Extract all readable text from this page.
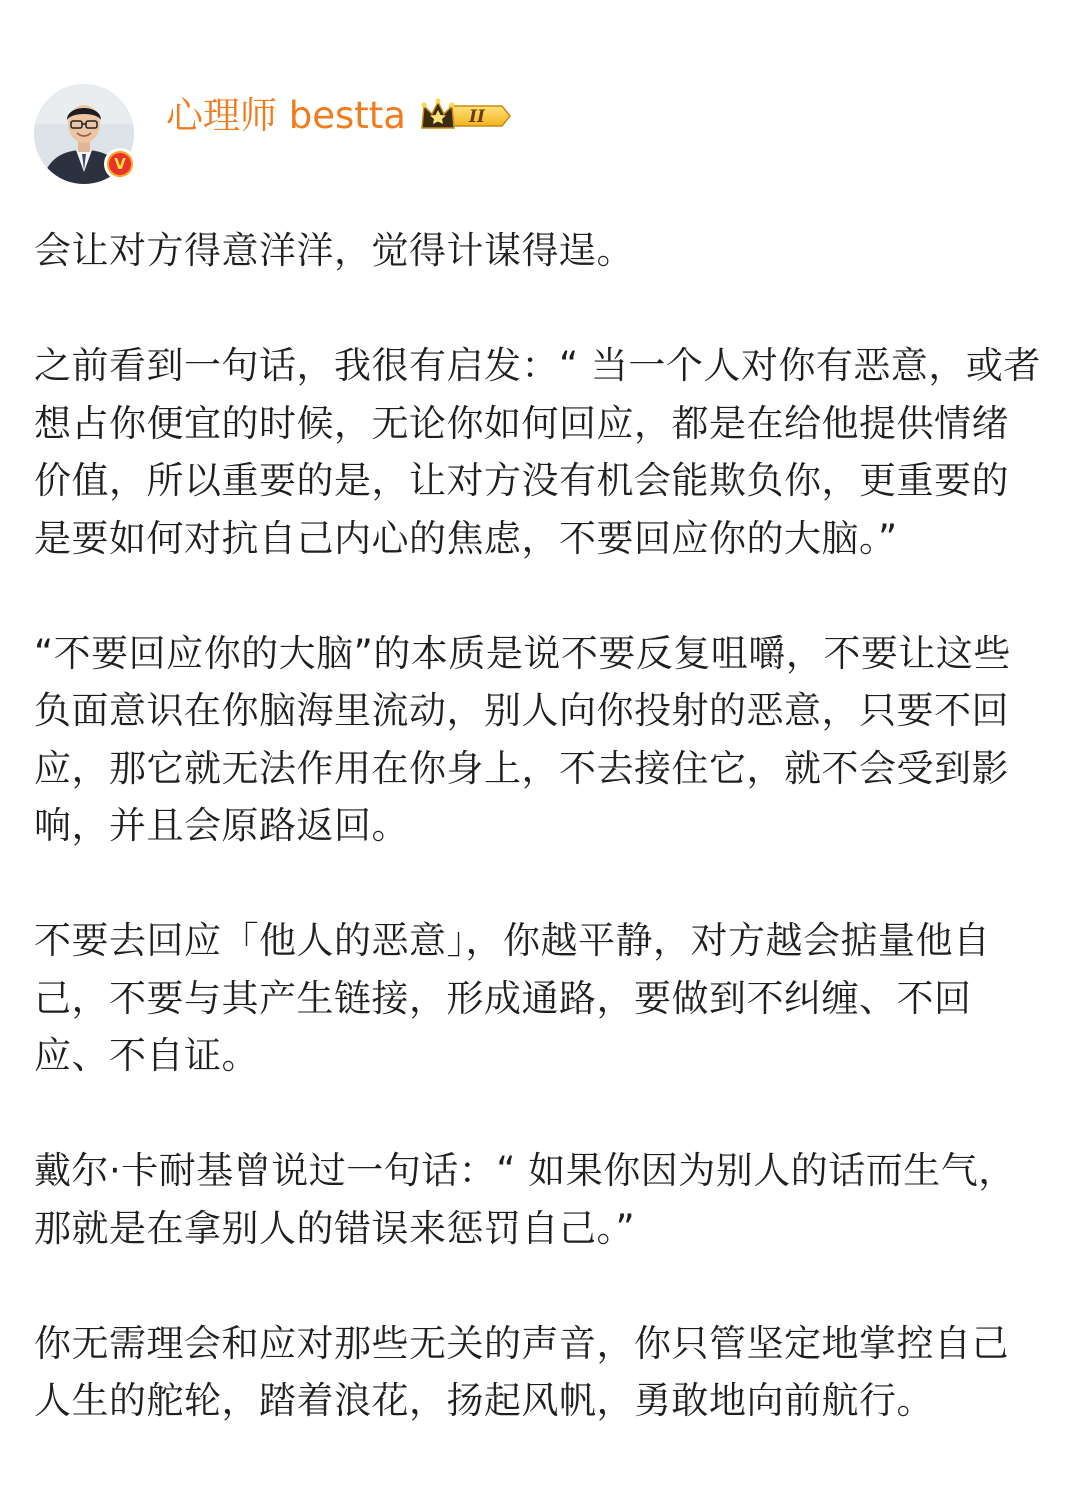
V
心理师 bestta	II

会让对方得意洋洋，觉得计谋得逞。

之前看到一句话，我很有启发：“ 当一个人对你有恶意，或者想占你便宜的时候，无论你如何回应，都是在给他提供情绪价值，所以重要的是，让对方没有机会能欺负你，更重要的是要如何对抗自己内心的焦虑，不要回应你的大脑。”

“不要回应你的大脑”的本质是说不要反复咀嚼，不要让这些负面意识在你脑海里流动，别人向你投射的恶意，只要不回应，那它就无法作用在你身上，不去接住它，就不会受到影响，并且会原路返回。

不要去回应「他人的恶意」，你越平静，对方越会掂量他自己，不要与其产生链接，形成通路，要做到不纠缠、不回应、不自证。

戴尔·卡耐基曾说过一句话：“ 如果你因为别人的话而生气，那就是在拿别人的错误来惩罚自己。”

你无需理会和应对那些无关的声音，你只管坚定地掌控自己人生的舵轮，踏着浪花，扬起风帆，勇敢地向前航行。
